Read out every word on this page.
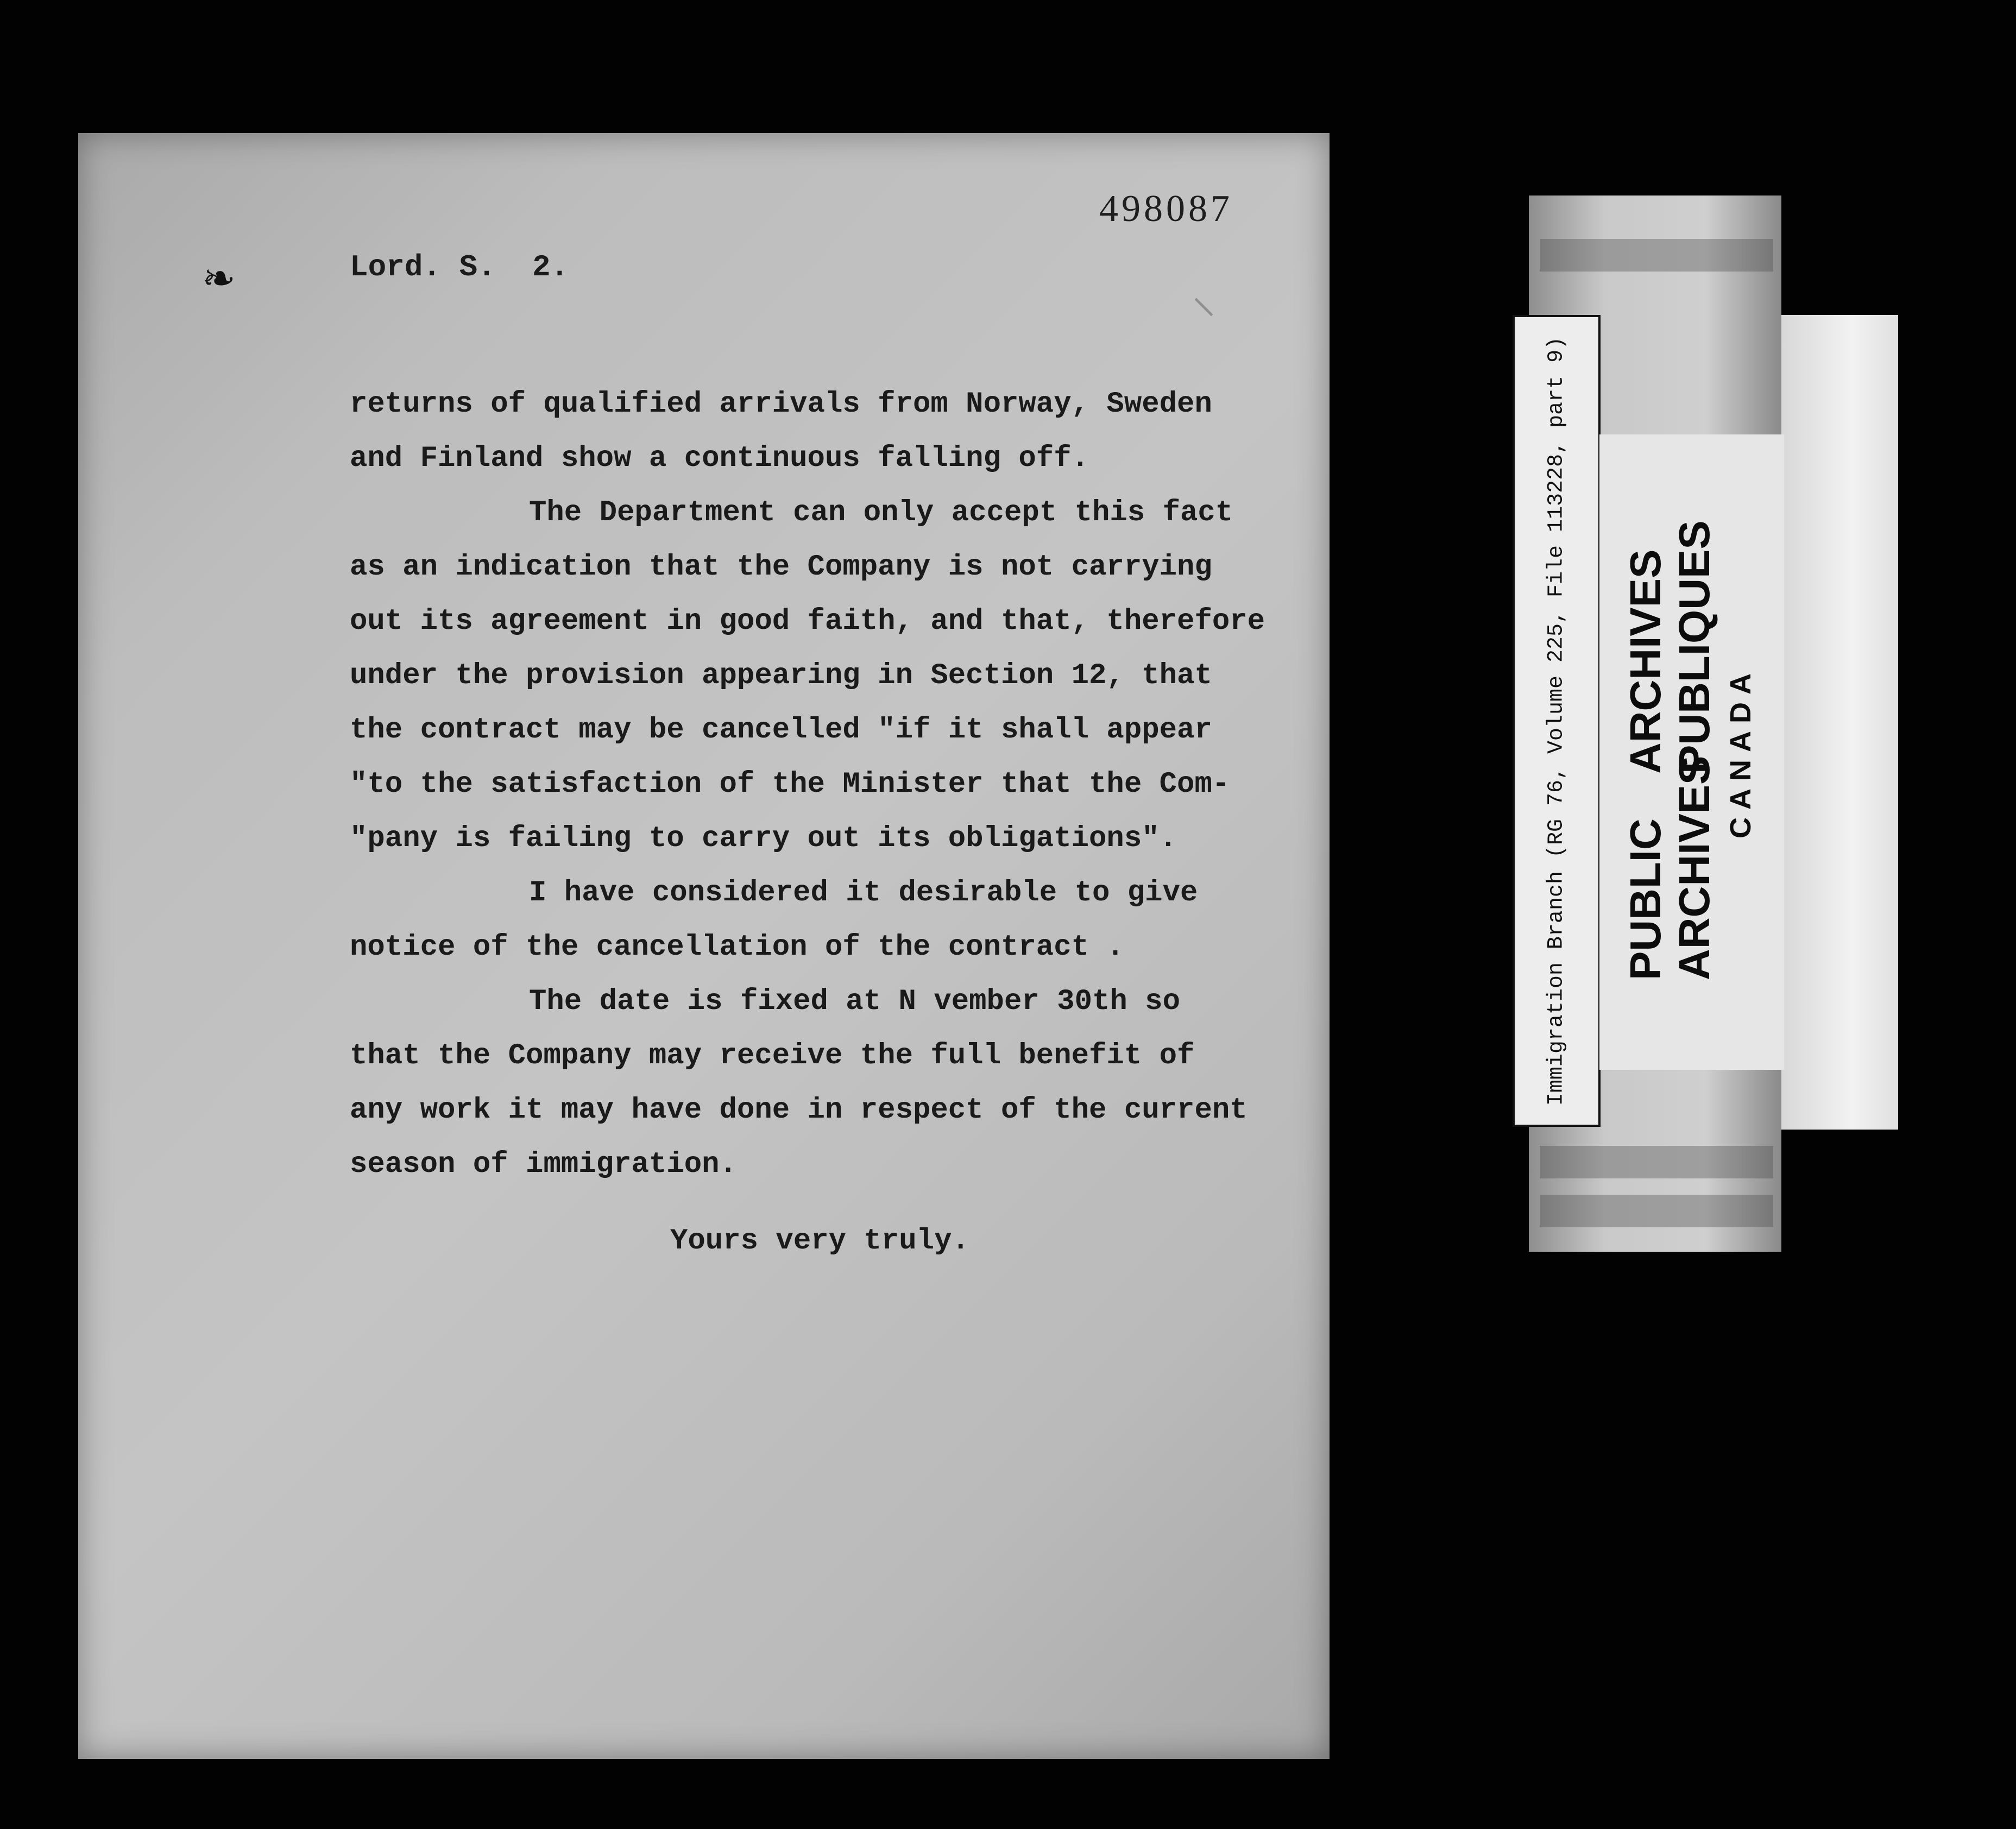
498087
❧	⸜
Lord. S.  2.
returns of qualified arrivals from Norway, Sweden
and Finland show a continuous falling off.
The Department can only accept this fact
as an indication that the Company is not carrying
out its agreement in good faith, and that, therefore
under the provision appearing in Section 12, that
the contract may be cancelled "if it shall appear
"to the satisfaction of the Minister that the Com-
"pany is failing to carry out its obligations".
I have considered it desirable to give
notice of the cancellation of the contract .
The date is fixed at N vember 30th so
that the Company may receive the full benefit of
any work it may have done in respect of the current
season of immigration.
Yours very truly.
Immigration Branch (RG 76, Volume 225, File 113228, part 9) PUBLICARCHIVES
ARCHIVESPUBLIQUES CANADA
